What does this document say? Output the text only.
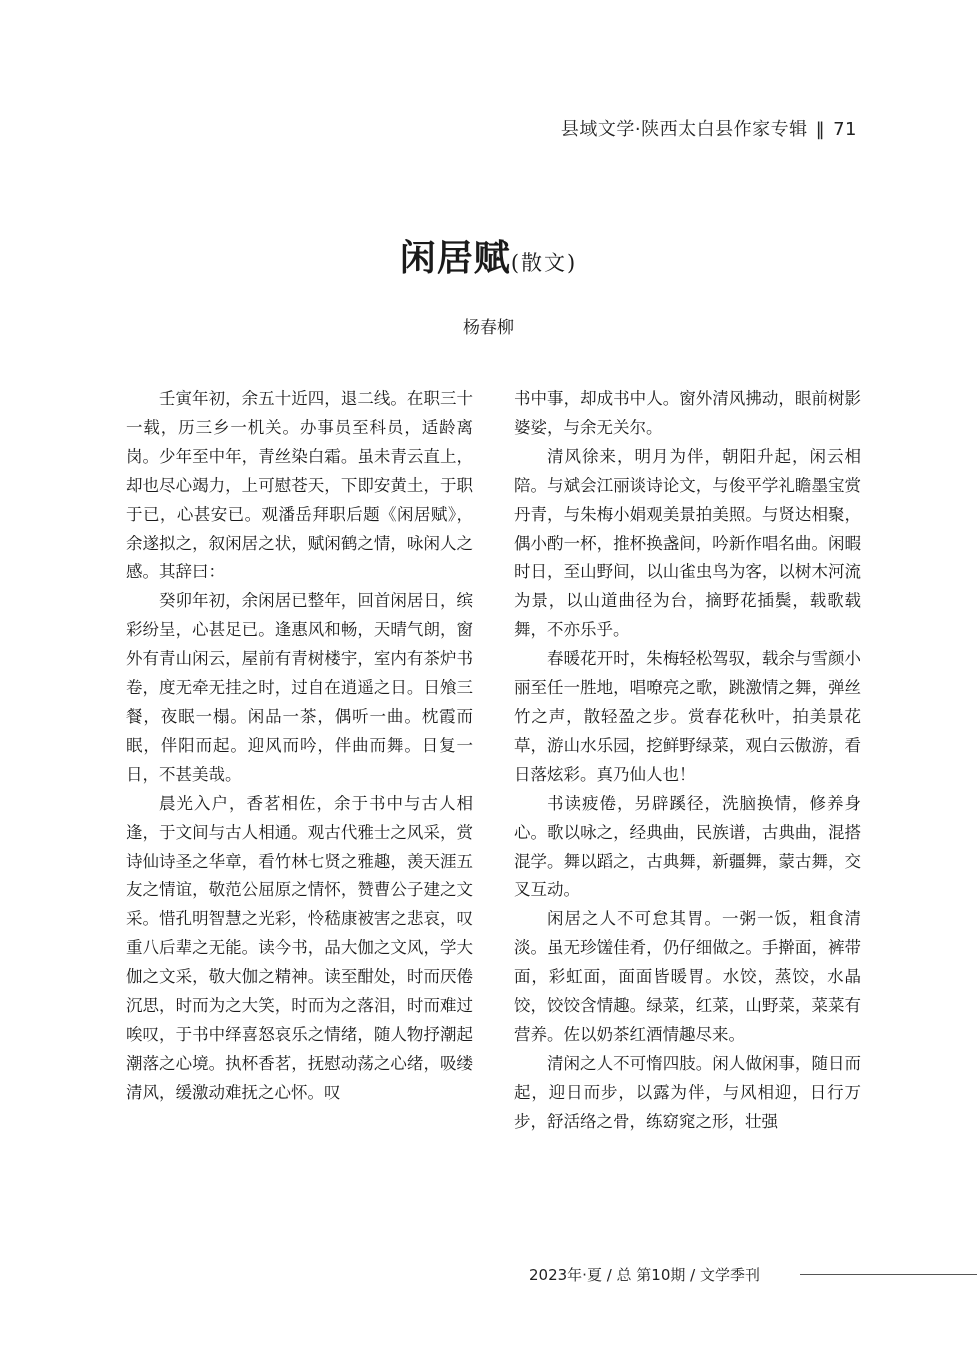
县域文学·陕西太白县作家专辑 ‖ 71
闲居赋(散文)
杨春柳

壬寅年初，余五十近四，退二线。在职三十一载，历三乡一机关。办事员至科员，适龄离岗。少年至中年，青丝染白霜。虽未青云直上，却也尽心竭力，上可慰苍天，下即安黄土，于职于已，心甚安已。观潘岳拜职后题《闲居赋》，余遂拟之，叙闲居之状，赋闲鹤之情，咏闲人之感。其辞曰：

癸卯年初，余闲居已整年，回首闲居日，缤彩纷呈，心甚足已。逢惠风和畅，天晴气朗，窗外有青山闲云，屋前有青树楼宇，室内有茶炉书卷，度无牵无挂之时，过自在逍遥之日。日飧三餐，夜眠一榻。闲品一茶，偶听一曲。枕霞而眠，伴阳而起。迎风而吟，伴曲而舞。日复一日，不甚美哉。

晨光入户，香茗相佐，余于书中与古人相逢，于文间与古人相通。观古代雅士之风采，赏诗仙诗圣之华章，看竹林七贤之雅趣，羡天涯五友之情谊，敬范公屈原之情怀，赞曹公子建之文采。惜孔明智慧之光彩，怜嵇康被害之悲哀，叹重八后辈之无能。读今书，品大伽之文风，学大伽之文采，敬大伽之精神。读至酣处，时而厌倦沉思，时而为之大笑，时而为之落泪，时而难过唉叹，于书中绎喜怒哀乐之情绪，随人物抒潮起潮落之心境。执杯香茗，抚慰动荡之心绪，吸缕清风，缓激动难抚之心怀。叹

书中事，却成书中人。窗外清风拂动，眼前树影婆娑，与余无关尔。

清风徐来，明月为伴，朝阳升起，闲云相陪。与斌会江丽谈诗论文，与俊平学礼瞻墨宝赏丹青，与朱梅小娟观美景拍美照。与贤达相聚，偶小酌一杯，推杯换盏间，吟新作唱名曲。闲暇时日，至山野间，以山雀虫鸟为客，以树木河流为景，以山道曲径为台，摘野花插鬓，载歌载舞，不亦乐乎。

春暖花开时，朱梅轻松驾驭，载余与雪颜小丽至任一胜地，唱嘹亮之歌，跳激情之舞，弹丝竹之声，散轻盈之步。赏春花秋叶，拍美景花草，游山水乐园，挖鲜野绿菜，观白云傲游，看日落炫彩。真乃仙人也！

书读疲倦，另辟蹊径，洗脑换情，修养身心。歌以咏之，经典曲，民族谱，古典曲，混搭混学。舞以蹈之，古典舞，新疆舞，蒙古舞，交叉互动。

闲居之人不可怠其胃。一粥一饭，粗食清淡。虽无珍馐佳肴，仍仔细做之。手擀面，裤带面，彩虹面，面面皆暖胃。水饺，蒸饺，水晶饺，饺饺含情趣。绿菜，红菜，山野菜，菜菜有营养。佐以奶茶红酒情趣尽来。

清闲之人不可惰四肢。闲人做闲事，随日而起，迎日而步，以露为伴，与风相迎，日行万步，舒活络之骨，练窈窕之形，壮强

2023年·夏 / 总 第10期 / 文学季刊
